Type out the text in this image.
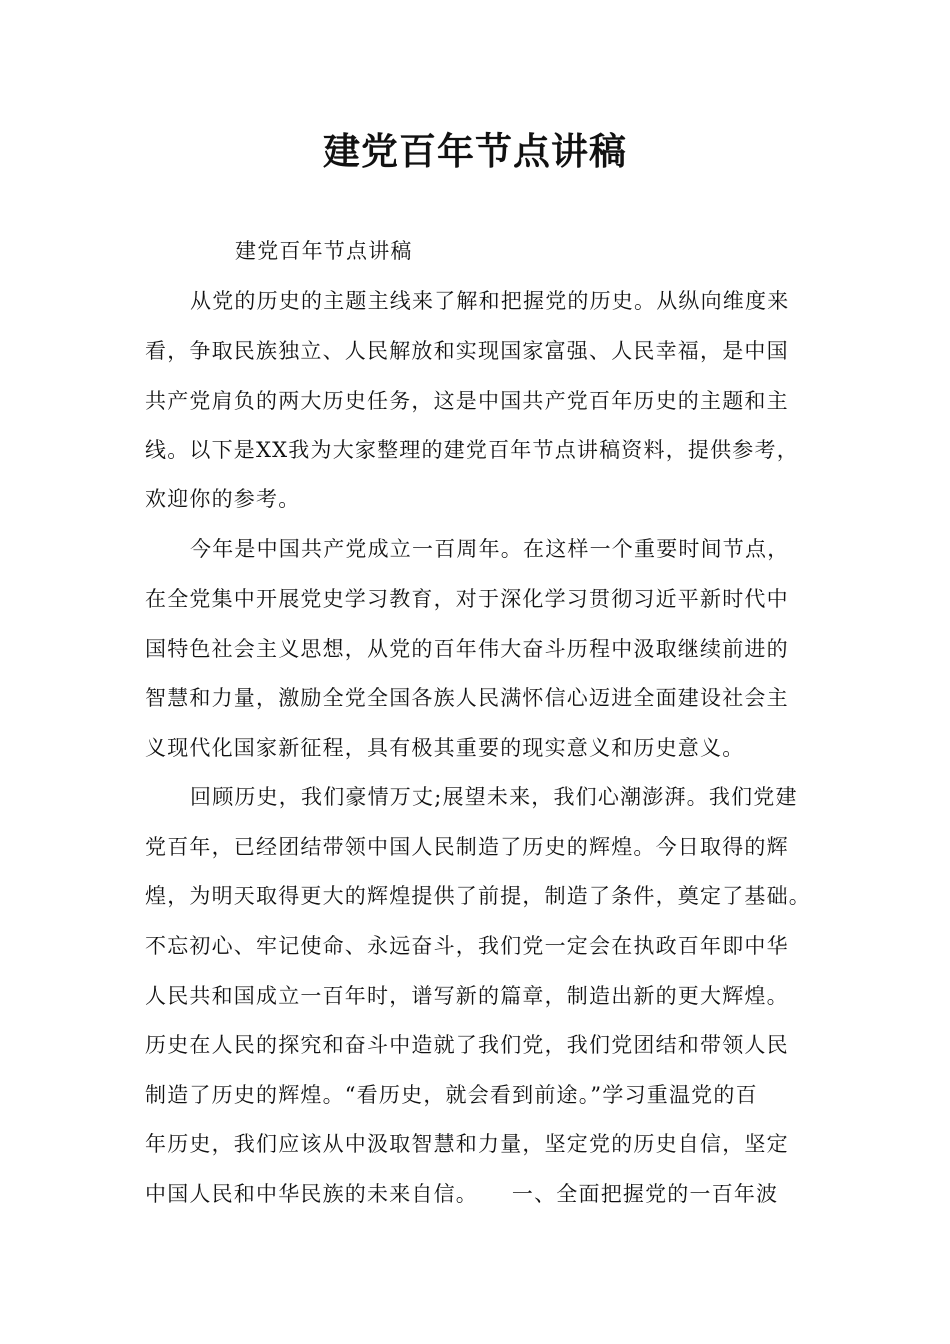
建党百年节点讲稿
建党百年节点讲稿
从党的历史的主题主线来了解和把握党的历史。从纵向维度来
看，争取民族独立、人民解放和实现国家富强、人民幸福，是中国
共产党肩负的两大历史任务，这是中国共产党百年历史的主题和主
线。以下是XX我为大家整理的建党百年节点讲稿资料，提供参考，
欢迎你的参考。
今年是中国共产党成立一百周年。在这样一个重要时间节点，
在全党集中开展党史学习教育，对于深化学习贯彻习近平新时代中
国特色社会主义思想，从党的百年伟大奋斗历程中汲取继续前进的
智慧和力量，激励全党全国各族人民满怀信心迈进全面建设社会主
义现代化国家新征程，具有极其重要的现实意义和历史意义。
回顾历史，我们豪情万丈;展望未来，我们心潮澎湃。我们党建
党百年，已经团结带领中国人民制造了历史的辉煌。今日取得的辉
煌，为明天取得更大的辉煌提供了前提，制造了条件，奠定了基础。
不忘初心、牢记使命、永远奋斗，我们党一定会在执政百年即中华
人民共和国成立一百年时，谱写新的篇章，制造出新的更大辉煌。
历史在人民的探究和奋斗中造就了我们党，我们党团结和带领人民
制造了历史的辉煌。“看历史，就会看到前途。”学习重温党的百
年历史，我们应该从中汲取智慧和力量，坚定党的历史自信，坚定
中国人民和中华民族的未来自信。　　一、全面把握党的一百年波
